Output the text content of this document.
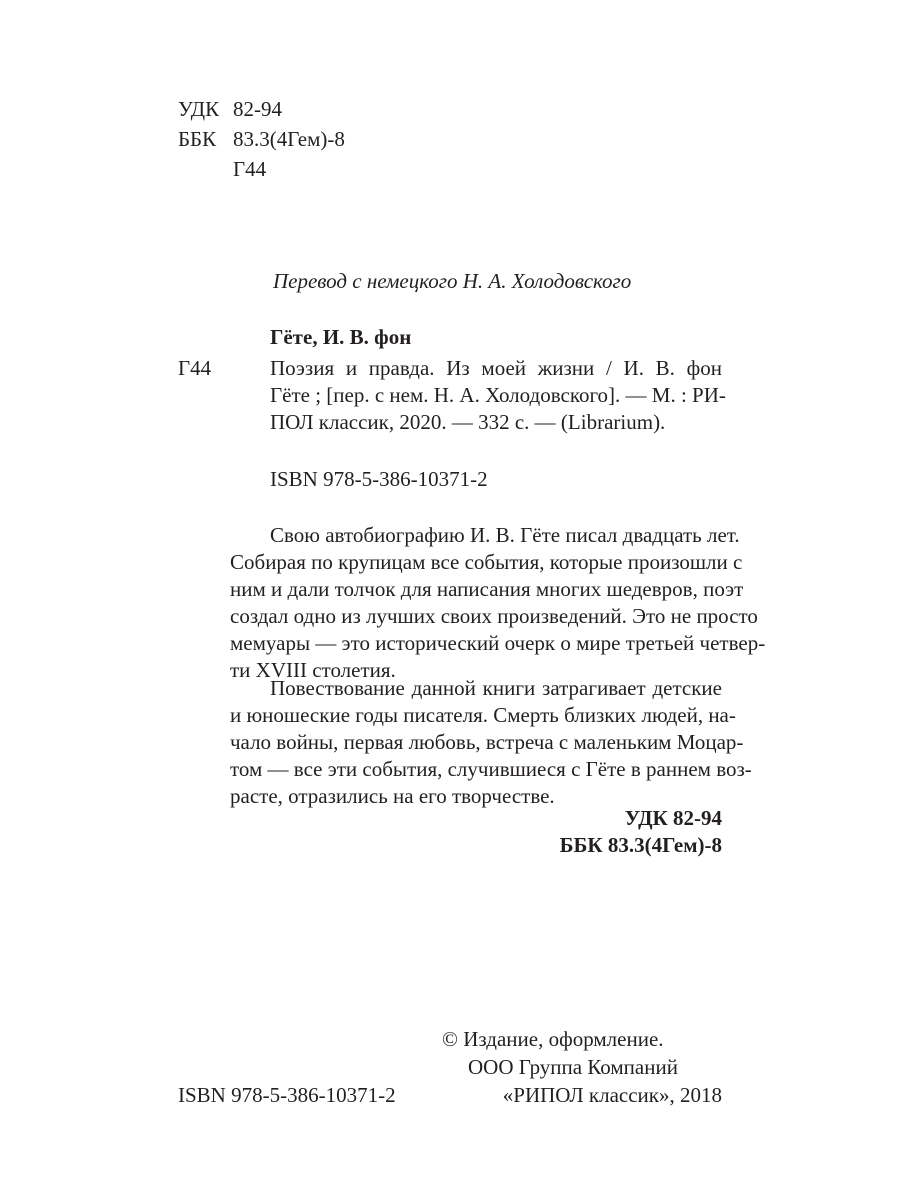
УДК 82-94
ББК 83.3(4Гем)-8
Г44
Перевод с немецкого Н. А. Холодовского
Гёте, И. В. фон
Г44	Поэзия и правда. Из моей жизни / И. В. фон
Гёте ; [пер. с нем. Н. А. Холодовского]. — М. : РИ-
ПОЛ классик, 2020. — 332 с. — (Librarium).
ISBN 978-5-386-10371-2
Свою автобиографию И. В. Гёте писал двадцать лет.
Собирая по крупицам все события, которые произошли с
ним и дали толчок для написания многих шедевров, поэт
создал одно из лучших своих произведений. Это не просто
мемуары — это исторический очерк о мире третьей четвер-
ти XVIII столетия.
Повествование данной книги затрагивает детские
и юношеские годы писателя. Смерть близких людей, на-
чало войны, первая любовь, встреча с маленьким Моцар-
том — все эти события, случившиеся с Гёте в раннем воз-
расте, отразились на его творчестве.
УДК 82-94
ББК 83.3(4Гем)-8
© Издание, оформление.
ООО Группа Компаний
ISBN 978-5-386-10371-2	«РИПОЛ классик», 2018
